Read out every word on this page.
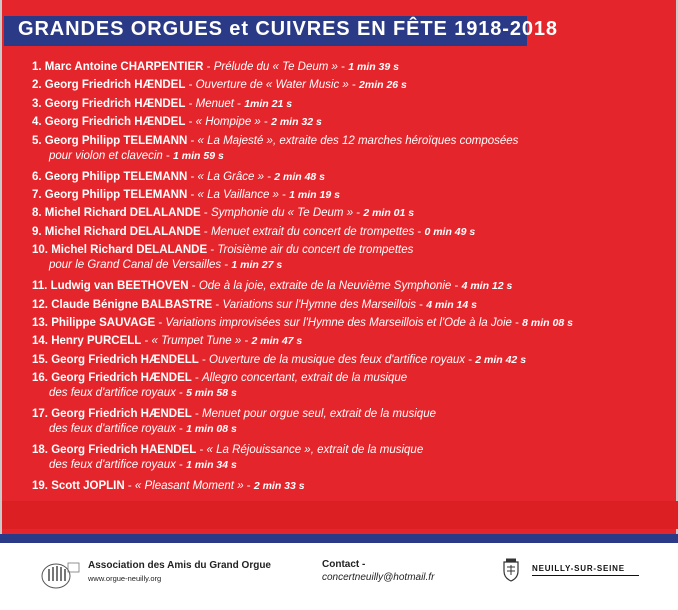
GRANDES ORGUES et CUIVRES EN FÊTE 1918-2018
1. Marc Antoine CHARPENTIER - Prélude du « Te Deum » - 1 min 39 s
2. Georg Friedrich HÆNDEL - Ouverture de « Water Music » - 2min 26 s
3. Georg Friedrich HÆNDEL - Menuet - 1min 21 s
4. Georg Friedrich HÆNDEL - « Hompipe » - 2 min 32 s
5. Georg Philipp TELEMANN - « La Majesté », extraite des 12 marches héroïques composées
pour violon et clavecin - 1 min 59 s
6. Georg Philipp TELEMANN - « La Grâce » - 2 min 48 s
7. Georg Philipp TELEMANN - « La Vaillance » - 1 min 19 s
8. Michel Richard DELALANDE - Symphonie du « Te Deum » - 2 min 01 s
9. Michel Richard DELALANDE - Menuet extrait du concert de trompettes - 0 min 49 s
10. Michel Richard DELALANDE - Troisième air du concert de trompettes
pour le Grand Canal de Versailles - 1 min 27 s
11. Ludwig van BEETHOVEN - Ode à la joie, extraite de la Neuvième Symphonie - 4 min 12 s
12. Claude Bénigne BALBASTRE - Variations sur l'Hymne des Marseillois - 4 min 14 s
13. Philippe SAUVAGE - Variations improvisées sur l'Hymne des Marseillois et l'Ode à la Joie - 8 min 08 s
14. Henry PURCELL - « Trumpet Tune » - 2 min 47 s
15. Georg Friedrich HÆNDELL - Ouverture de la musique des feux d'artifice royaux - 2 min 42 s
16. Georg Friedrich HÆNDEL - Allegro concertant, extrait de la musique
des feux d'artifice royaux - 5 min 58 s
17. Georg Friedrich HÆNDEL - Menuet pour orgue seul, extrait de la musique
des feux d'artifice royaux - 1 min 08 s
18. Georg Friedrich HAENDEL - « La Réjouissance », extrait de la musique
des feux d'artifice royaux - 1 min 34 s
19. Scott JOPLIN - « Pleasant Moment » - 2 min 33 s
Association des Amis du Grand Orgue
www.orgue-neuilly.org
Contact -
concertneuilly@hotmail.fr
NEUILLY-SUR-SEINE
